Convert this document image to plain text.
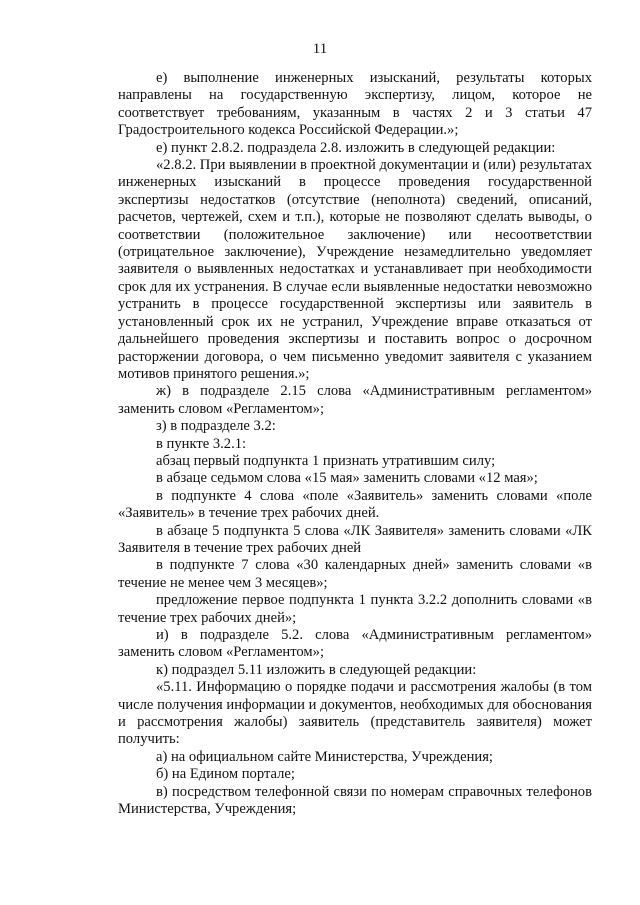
11

е) выполнение инженерных изысканий, результаты которых направлены на государственную экспертизу, лицом, которое не соответствует требованиям, указанным в частях 2 и 3 статьи 47 Градостроительного кодекса Российской Федерации.»;

е) пункт 2.8.2. подраздела 2.8. изложить в следующей редакции:

«2.8.2. При выявлении в проектной документации и (или) результатах инженерных изысканий в процессе проведения государственной экспертизы недостатков (отсутствие (неполнота) сведений, описаний, расчетов, чертежей, схем и т.п.), которые не позволяют сделать выводы, о соответствии (положительное заключение) или несоответствии (отрицательное заключение), Учреждение незамедлительно уведомляет заявителя о выявленных недостатках и устанавливает при необходимости срок для их устранения. В случае если выявленные недостатки невозможно устранить в процессе государственной экспертизы или заявитель в установленный срок их не устранил, Учреждение вправе отказаться от дальнейшего проведения экспертизы и поставить вопрос о досрочном расторжении договора, о чем письменно уведомит заявителя с указанием мотивов принятого решения.»;

ж) в подразделе 2.15 слова «Административным регламентом» заменить словом «Регламентом»;

з) в подразделе 3.2:

в пункте 3.2.1:

абзац первый подпункта 1 признать утратившим силу;

в абзаце седьмом слова «15 мая» заменить словами «12 мая»;

в подпункте 4 слова «поле «Заявитель» заменить словами «поле «Заявитель» в течение трех рабочих дней.

в абзаце 5 подпункта 5 слова «ЛК Заявителя» заменить словами «ЛК Заявителя в течение трех рабочих дней

в подпункте 7 слова «30 календарных дней» заменить словами «в течение не менее чем 3 месяцев»;

предложение первое подпункта 1 пункта 3.2.2 дополнить словами «в течение трех рабочих дней»;

и) в подразделе 5.2. слова «Административным регламентом» заменить словом «Регламентом»;

к) подраздел 5.11 изложить в следующей редакции:

«5.11. Информацию о порядке подачи и рассмотрения жалобы (в том числе получения информации и документов, необходимых для обоснования и рассмотрения жалобы) заявитель (представитель заявителя) может получить:

а) на официальном сайте Министерства, Учреждения;

б) на Едином портале;

в) посредством телефонной связи по номерам справочных телефонов Министерства, Учреждения;
